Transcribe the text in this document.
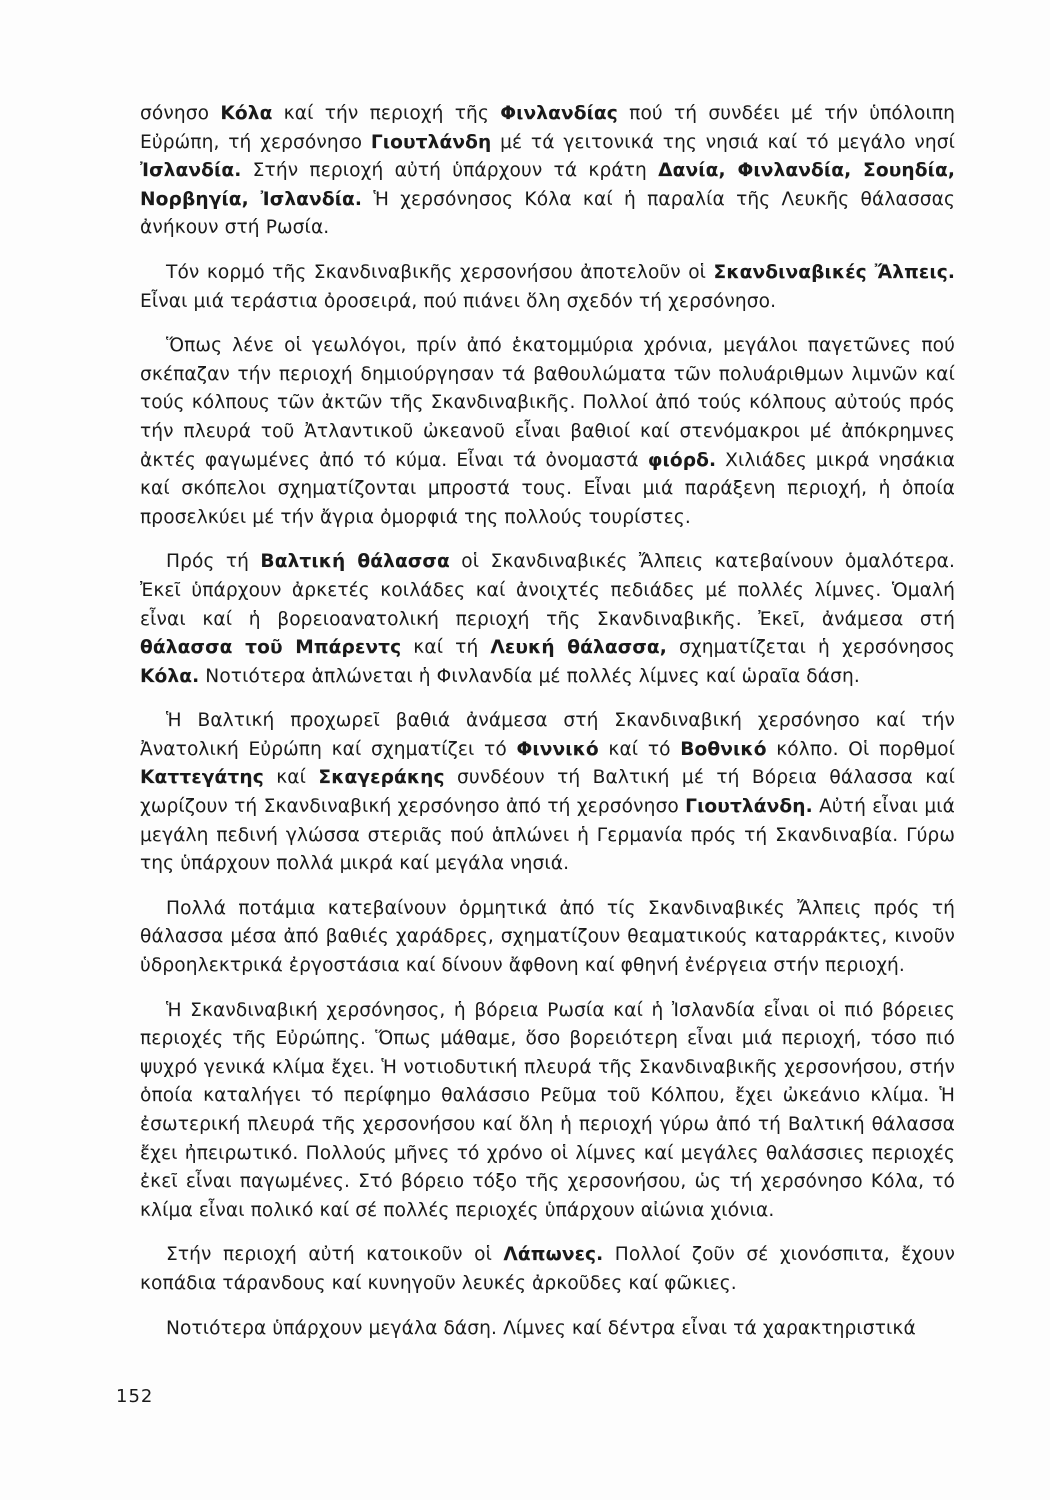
σόνησο Κόλα καί τήν περιοχή τῆς Φινλανδίας πού τή συνδέει μέ τήν ὑπόλοιπη Εὐρώπη, τή χερσόνησο Γιουτλάνδη μέ τά γειτονικά της νησιά καί τό μεγάλο νησί Ἰσλανδία. Στήν περιοχή αὐτή ὑπάρχουν τά κράτη Δανία, Φινλανδία, Σουηδία, Νορβηγία, Ἰσλανδία. Ἡ χερσόνησος Κόλα καί ἡ παραλία τῆς Λευκῆς θάλασσας ἀνήκουν στή Ρωσία.

Τόν κορμό τῆς Σκανδιναβικῆς χερσονήσου ἀποτελοῦν οἱ Σκανδιναβικές Ἄλπεις. Εἶναι μιά τεράστια ὀροσειρά, πού πιάνει ὅλη σχεδόν τή χερσόνησο.

Ὅπως λένε οἱ γεωλόγοι, πρίν ἀπό ἑκατομμύρια χρόνια, μεγάλοι παγετῶνες πού σκέπαζαν τήν περιοχή δημιούργησαν τά βαθουλώματα τῶν πολυάριθμων λιμνῶν καί τούς κόλπους τῶν ἀκτῶν τῆς Σκανδιναβικῆς. Πολλοί ἀπό τούς κόλπους αὐτούς πρός τήν πλευρά τοῦ Ἀτλαντικοῦ ὠκεανοῦ εἶναι βαθιοί καί στενόμακροι μέ ἀπόκρημνες ἀκτές φαγωμένες ἀπό τό κύμα. Εἶναι τά ὀνομαστά φιόρδ. Χιλιάδες μικρά νησάκια καί σκόπελοι σχηματίζονται μπροστά τους. Εἶναι μιά παράξενη περιοχή, ἡ ὁποία προσελκύει μέ τήν ἄγρια ὀμορφιά της πολλούς τουρίστες.

Πρός τή Βαλτική θάλασσα οἱ Σκανδιναβικές Ἄλπεις κατεβαίνουν ὁμαλότερα. Ἐκεῖ ὑπάρχουν ἀρκετές κοιλάδες καί ἀνοιχτές πεδιάδες μέ πολλές λίμνες. Ὁμαλή εἶναι καί ἡ βορειοανατολική περιοχή τῆς Σκανδιναβικῆς. Ἐκεῖ, ἀνάμεσα στή θάλασσα τοῦ Μπάρεντς καί τή Λευκή θάλασσα, σχηματίζεται ἡ χερσόνησος Κόλα. Νοτιότερα ἁπλώνεται ἡ Φινλανδία μέ πολλές λίμνες καί ὡραῖα δάση.

Ἡ Βαλτική προχωρεῖ βαθιά ἀνάμεσα στή Σκανδιναβική χερσόνησο καί τήν Ἀνατολική Εὐρώπη καί σχηματίζει τό Φιννικό καί τό Βοθνικό κόλπο. Οἱ πορθμοί Καττεγάτης καί Σκαγεράκης συνδέουν τή Βαλτική μέ τή Βόρεια θάλασσα καί χωρίζουν τή Σκανδιναβική χερσόνησο ἀπό τή χερσόνησο Γιουτλάνδη. Αὐτή εἶναι μιά μεγάλη πεδινή γλώσσα στεριᾶς πού ἁπλώνει ἡ Γερμανία πρός τή Σκανδιναβία. Γύρω της ὑπάρχουν πολλά μικρά καί μεγάλα νησιά.

Πολλά ποτάμια κατεβαίνουν ὁρμητικά ἀπό τίς Σκανδιναβικές Ἄλπεις πρός τή θάλασσα μέσα ἀπό βαθιές χαράδρες, σχηματίζουν θεαματικούς καταρράκτες, κινοῦν ὑδροηλεκτρικά ἐργοστάσια καί δίνουν ἄφθονη καί φθηνή ἐνέργεια στήν περιοχή.

Ἡ Σκανδιναβική χερσόνησος, ἡ βόρεια Ρωσία καί ἡ Ἰσλανδία εἶναι οἱ πιό βόρειες περιοχές τῆς Εὐρώπης. Ὅπως μάθαμε, ὅσο βορειότερη εἶναι μιά περιοχή, τόσο πιό ψυχρό γενικά κλίμα ἔχει. Ἡ νοτιοδυτική πλευρά τῆς Σκανδιναβικῆς χερσονήσου, στήν ὁποία καταλήγει τό περίφημο θαλάσσιο Ρεῦμα τοῦ Κόλπου, ἔχει ὠκεάνιο κλίμα. Ἡ ἐσωτερική πλευρά τῆς χερσονήσου καί ὅλη ἡ περιοχή γύρω ἀπό τή Βαλτική θάλασσα ἔχει ἠπειρωτικό. Πολλούς μῆνες τό χρόνο οἱ λίμνες καί μεγάλες θαλάσσιες περιοχές ἐκεῖ εἶναι παγωμένες. Στό βόρειο τόξο τῆς χερσονήσου, ὡς τή χερσόνησο Κόλα, τό κλίμα εἶναι πολικό καί σέ πολλές περιοχές ὑπάρχουν αἰώνια χιόνια.

Στήν περιοχή αὐτή κατοικοῦν οἱ Λάπωνες. Πολλοί ζοῦν σέ χιονόσπιτα, ἔχουν κοπάδια τάρανδους καί κυνηγοῦν λευκές ἀρκοῦδες καί φῶκιες.

Νοτιότερα ὑπάρχουν μεγάλα δάση. Λίμνες καί δέντρα εἶναι τά χαρακτηριστικά

152
